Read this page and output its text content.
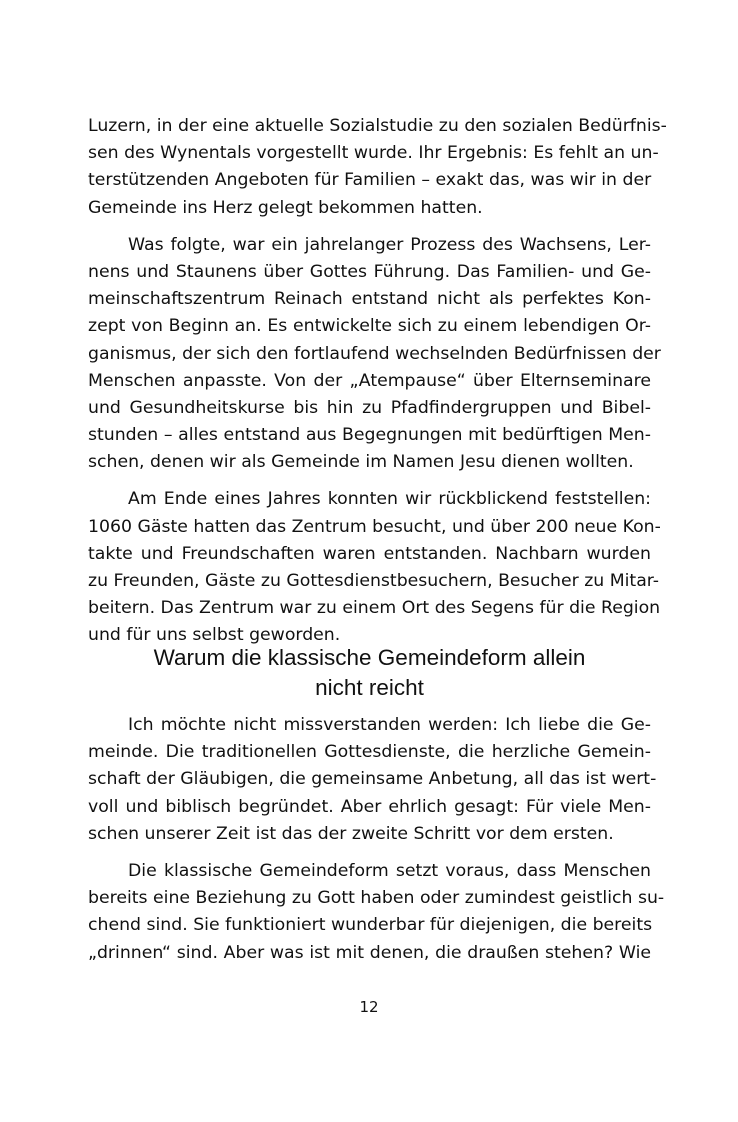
Luzern, in der eine aktuelle Sozialstudie zu den sozialen Bedürfnis-
sen des Wynentals vorgestellt wurde. Ihr Ergebnis: Es fehlt an un-
terstützenden Angeboten für Familien – exakt das, was wir in der
Gemeinde ins Herz gelegt bekommen hatten.
Was folgte, war ein jahrelanger Prozess des Wachsens, Ler-
nens und Staunens über Gottes Führung. Das Familien- und Ge-
meinschaftszentrum Reinach entstand nicht als perfektes Kon-
zept von Beginn an. Es entwickelte sich zu einem lebendigen Or-
ganismus, der sich den fortlaufend wechselnden Bedürfnissen der
Menschen anpasste. Von der „Atempause“ über Elternseminare
und Gesundheitskurse bis hin zu Pfadfindergruppen und Bibel-
stunden – alles entstand aus Begegnungen mit bedürftigen Men-
schen, denen wir als Gemeinde im Namen Jesu dienen wollten.
Am Ende eines Jahres konnten wir rückblickend feststellen:
1060 Gäste hatten das Zentrum besucht, und über 200 neue Kon-
takte und Freundschaften waren entstanden. Nachbarn wurden
zu Freunden, Gäste zu Gottesdienstbesuchern, Besucher zu Mitar-
beitern. Das Zentrum war zu einem Ort des Segens für die Region
und für uns selbst geworden.
Warum die klassische Gemeindeform allein
nicht reicht
Ich möchte nicht missverstanden werden: Ich liebe die Ge-
meinde. Die traditionellen Gottesdienste, die herzliche Gemein-
schaft der Gläubigen, die gemeinsame Anbetung, all das ist wert-
voll und biblisch begründet. Aber ehrlich gesagt: Für viele Men-
schen unserer Zeit ist das der zweite Schritt vor dem ersten.
Die klassische Gemeindeform setzt voraus, dass Menschen
bereits eine Beziehung zu Gott haben oder zumindest geistlich su-
chend sind. Sie funktioniert wunderbar für diejenigen, die bereits
„drinnen“ sind. Aber was ist mit denen, die draußen stehen? Wie
12
